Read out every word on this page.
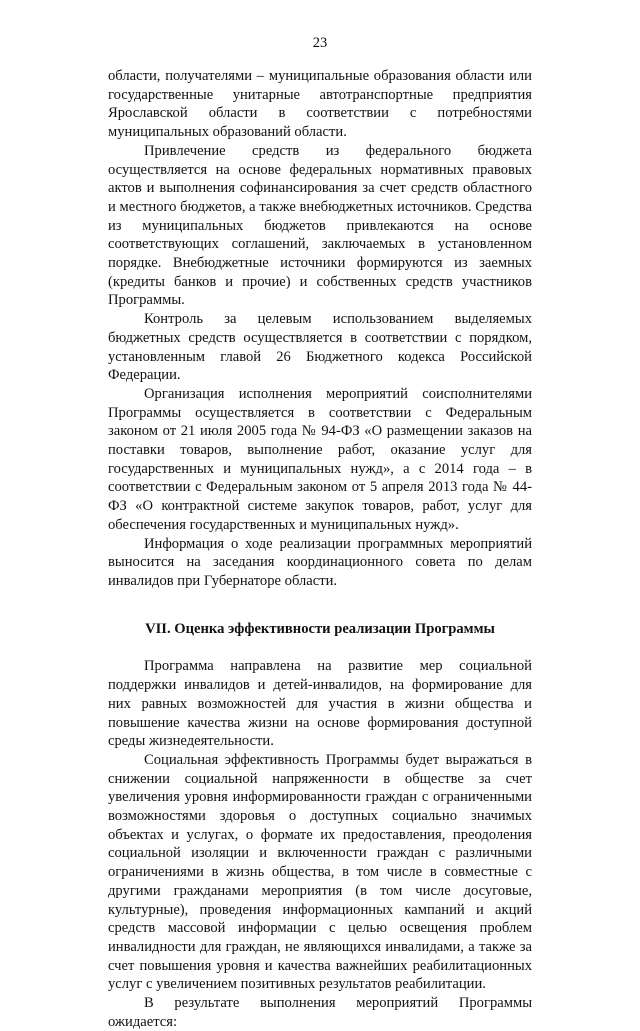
23

области, получателями – муниципальные образования области или государственные унитарные автотранспортные предприятия Ярославской области в соответствии с потребностями муниципальных образований области.

Привлечение средств из федерального бюджета осуществляется на основе федеральных нормативных правовых актов и выполнения софинансирования за счет средств областного и местного бюджетов, а также внебюджетных источников. Средства из муниципальных бюджетов привлекаются на основе соответствующих соглашений, заключаемых в установленном порядке. Внебюджетные источники формируются из заемных (кредиты банков и прочие) и собственных средств участников Программы.

Контроль за целевым использованием выделяемых бюджетных средств осуществляется в соответствии с порядком, установленным главой 26 Бюджетного кодекса Российской Федерации.

Организация исполнения мероприятий соисполнителями Программы осуществляется в соответствии с Федеральным законом от 21 июля 2005 года № 94-ФЗ «О размещении заказов на поставки товаров, выполнение работ, оказание услуг для государственных и муниципальных нужд», а с 2014 года – в соответствии с Федеральным законом от 5 апреля 2013 года № 44-ФЗ «О контрактной системе закупок товаров, работ, услуг для обеспечения государственных и муниципальных нужд».

Информация о ходе реализации программных мероприятий выносится на заседания координационного совета по делам инвалидов при Губернаторе области.

VII. Оценка эффективности реализации Программы

Программа направлена на развитие мер социальной поддержки инвалидов и детей-инвалидов, на формирование для них равных возможностей для участия в жизни общества и повышение качества жизни на основе формирования доступной среды жизнедеятельности.

Социальная эффективность Программы будет выражаться в снижении социальной напряженности в обществе за счет увеличения уровня информированности граждан с ограниченными возможностями здоровья о доступных социально значимых объектах и услугах, о формате их предоставления, преодоления социальной изоляции и включенности граждан с различными ограничениями в жизнь общества, в том числе в совместные с другими гражданами мероприятия (в том числе досуговые, культурные), проведения информационных кампаний и акций средств массовой информации с целью освещения проблем инвалидности для граждан, не являющихся инвалидами, а также за счет повышения уровня и качества важнейших реабилитационных услуг с увеличением позитивных результатов реабилитации.

В результате выполнения мероприятий Программы ожидается:
